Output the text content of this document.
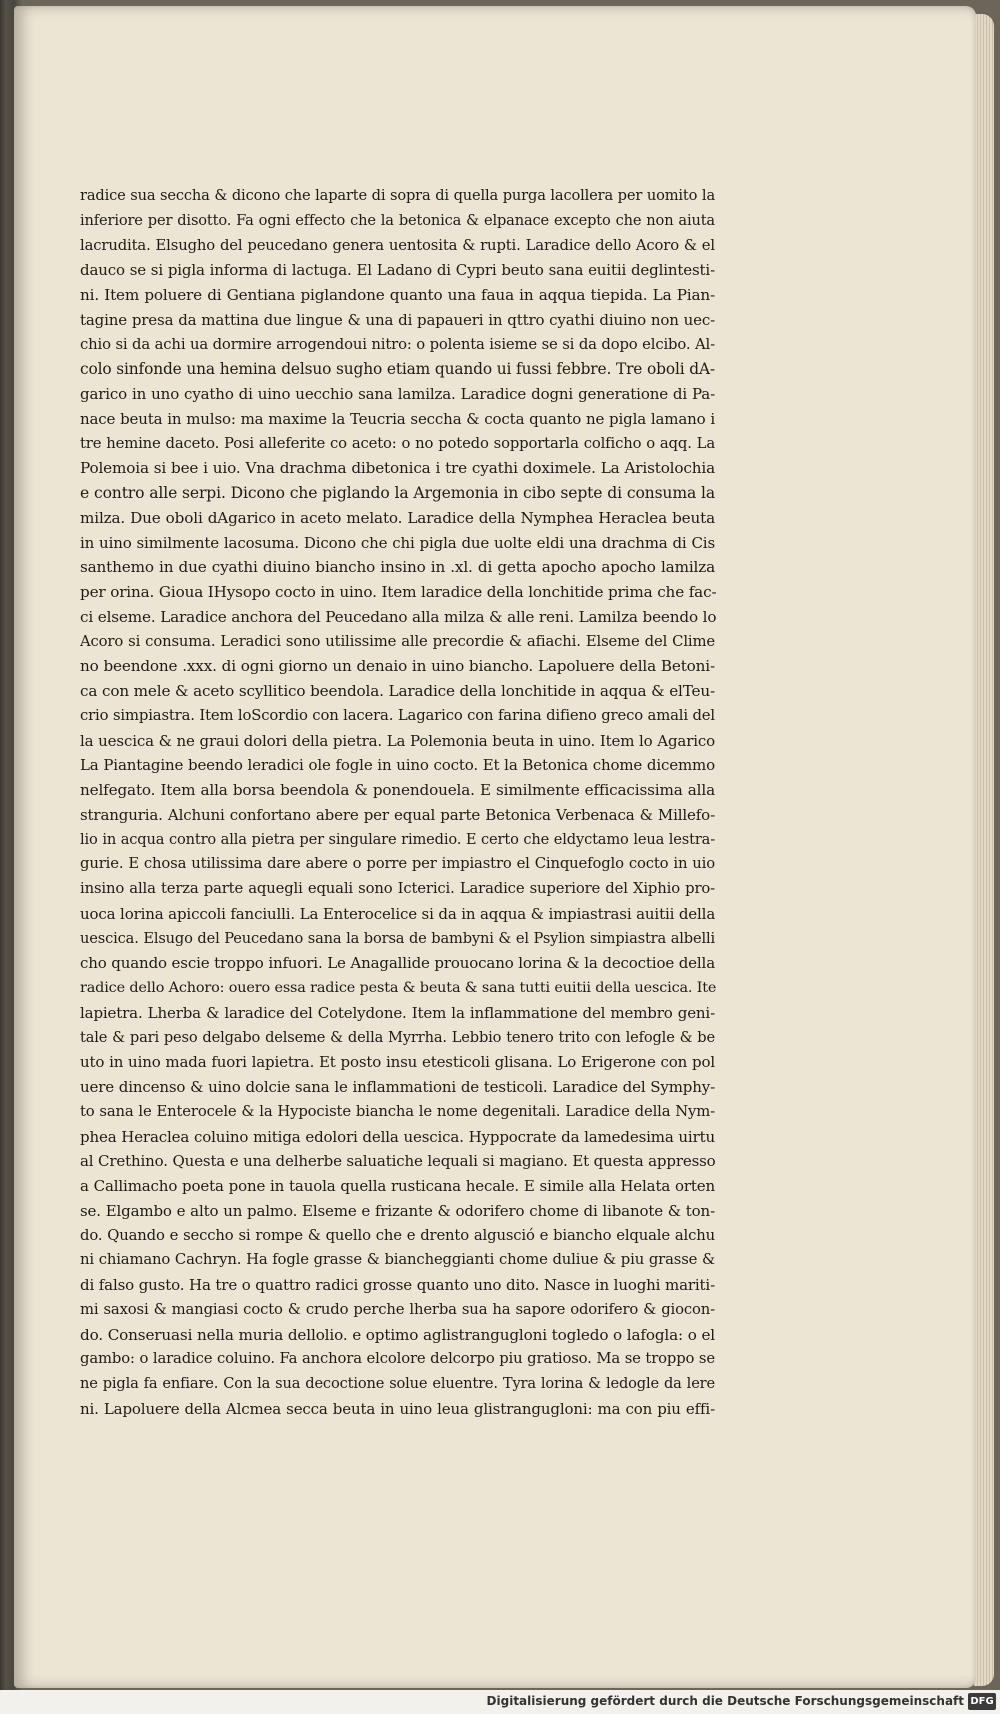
radice sua seccha & dicono che laparte di sopra di quella purga lacollera per uomito la
inferiore per disotto. Fa ogni effecto che la betonica & elpanace excepto che non aiuta
lacrudita. Elsugho del peucedano genera uentosita & rupti. Laradice dello Acoro & el
dauco se si pigla informa di lactuga. El Ladano di Cypri beuto sana euitii deglintesti-
ni. Item poluere di Gentiana piglandone quanto una faua in aqqua tiepida. La Pian-
tagine presa da mattina due lingue & una di papaueri in qttro cyathi diuino non uec-
chio si da achi ua dormire arrogendoui nitro: o polenta isieme se si da dopo elcibo. Al-
colo sinfonde una hemina delsuo sugho etiam quando ui fussi febbre. Tre oboli dA-
garico in uno cyatho di uino uecchio sana lamilza. Laradice dogni generatione di Pa-
nace beuta in mulso: ma maxime la Teucria seccha & cocta quanto ne pigla lamano i
tre hemine daceto. Posi alleferite co aceto: o no potedo sopportarla colficho o aqq. La
Polemoia si bee i uio. Vna drachma dibetonica i tre cyathi doximele. La Aristolochia
e contro alle serpi. Dicono che piglando la Argemonia in cibo septe di consuma la
milza. Due oboli dAgarico in aceto melato. Laradice della Nymphea Heraclea beuta
in uino similmente lacosuma. Dicono che chi pigla due uolte eldi una drachma di Cis
santhemo in due cyathi diuino biancho insino in .xl. di getta apocho apocho lamilza
per orina. Gioua IHysopo cocto in uino. Item laradice della lonchitide prima che fac-
ci elseme. Laradice anchora del Peucedano alla milza & alle reni. Lamilza beendo lo
Acoro si consuma. Leradici sono utilissime alle precordie & afiachi. Elseme del Clime
no beendone .xxx. di ogni giorno un denaio in uino biancho. Lapoluere della Betoni-
ca con mele & aceto scyllitico beendola. Laradice della lonchitide in aqqua & elTeu-
crio simpiastra. Item loScordio con lacera. Lagarico con farina difieno greco amali del
la uescica & ne graui dolori della pietra. La Polemonia beuta in uino. Item lo Agarico
La Piantagine beendo leradici ole fogle in uino cocto. Et la Betonica chome dicemmo
nelfegato. Item alla borsa beendola & ponendouela. E similmente efficacissima alla
stranguria. Alchuni confortano abere per equal parte Betonica Verbenaca & Millefo-
lio in acqua contro alla pietra per singulare rimedio. E certo che eldyctamo leua lestra-
gurie. E chosa utilissima dare abere o porre per impiastro el Cinquefoglo cocto in uio
insino alla terza parte aquegli equali sono Icterici. Laradice superiore del Xiphio pro-
uoca lorina apiccoli fanciulli. La Enterocelice si da in aqqua & impiastrasi auitii della
uescica. Elsugo del Peucedano sana la borsa de bambyni & el Psylion simpiastra albelli
cho quando escie troppo infuori. Le Anagallide prouocano lorina & la decoctioe della
radice dello Achoro: ouero essa radice pesta & beuta & sana tutti euitii della uescica. Ite
lapietra. Lherba & laradice del Cotelydone. Item la inflammatione del membro geni-
tale & pari peso delgabo delseme & della Myrrha. Lebbio tenero trito con lefogle & be
uto in uino mada fuori lapietra. Et posto insu etesticoli glisana. Lo Erigerone con pol
uere dincenso & uino dolcie sana le inflammationi de testicoli. Laradice del Symphy-
to sana le Enterocele & la Hypociste biancha le nome degenitali. Laradice della Nym-
phea Heraclea coluino mitiga edolori della uescica. Hyppocrate da lamedesima uirtu
al Crethino. Questa e una delherbe saluatiche lequali si magiano. Et questa appresso
a Callimacho poeta pone in tauola quella rusticana hecale. E simile alla Helata orten
se. Elgambo e alto un palmo. Elseme e frizante & odorifero chome di libanote & ton-
do. Quando e seccho si rompe & quello che e drento algusció e biancho elquale alchu
ni chiamano Cachryn. Ha fogle grasse & biancheggianti chome duliue & piu grasse &
di falso gusto. Ha tre o quattro radici grosse quanto uno dito. Nasce in luoghi mariti-
mi saxosi & mangiasi cocto & crudo perche lherba sua ha sapore odorifero & giocon-
do. Conseruasi nella muria dellolio. e optimo aglistrangugloni togledo o lafogla: o el
gambo: o laradice coluino. Fa anchora elcolore delcorpo piu gratioso. Ma se troppo se
ne pigla fa enfiare. Con la sua decoctione solue eluentre. Tyra lorina & ledogle da lere
ni. Lapoluere della Alcmea secca beuta in uino leua glistrangugloni: ma con piu effi-
Digitalisierung gefördert durch die Deutsche Forschungsgemeinschaft DFG
